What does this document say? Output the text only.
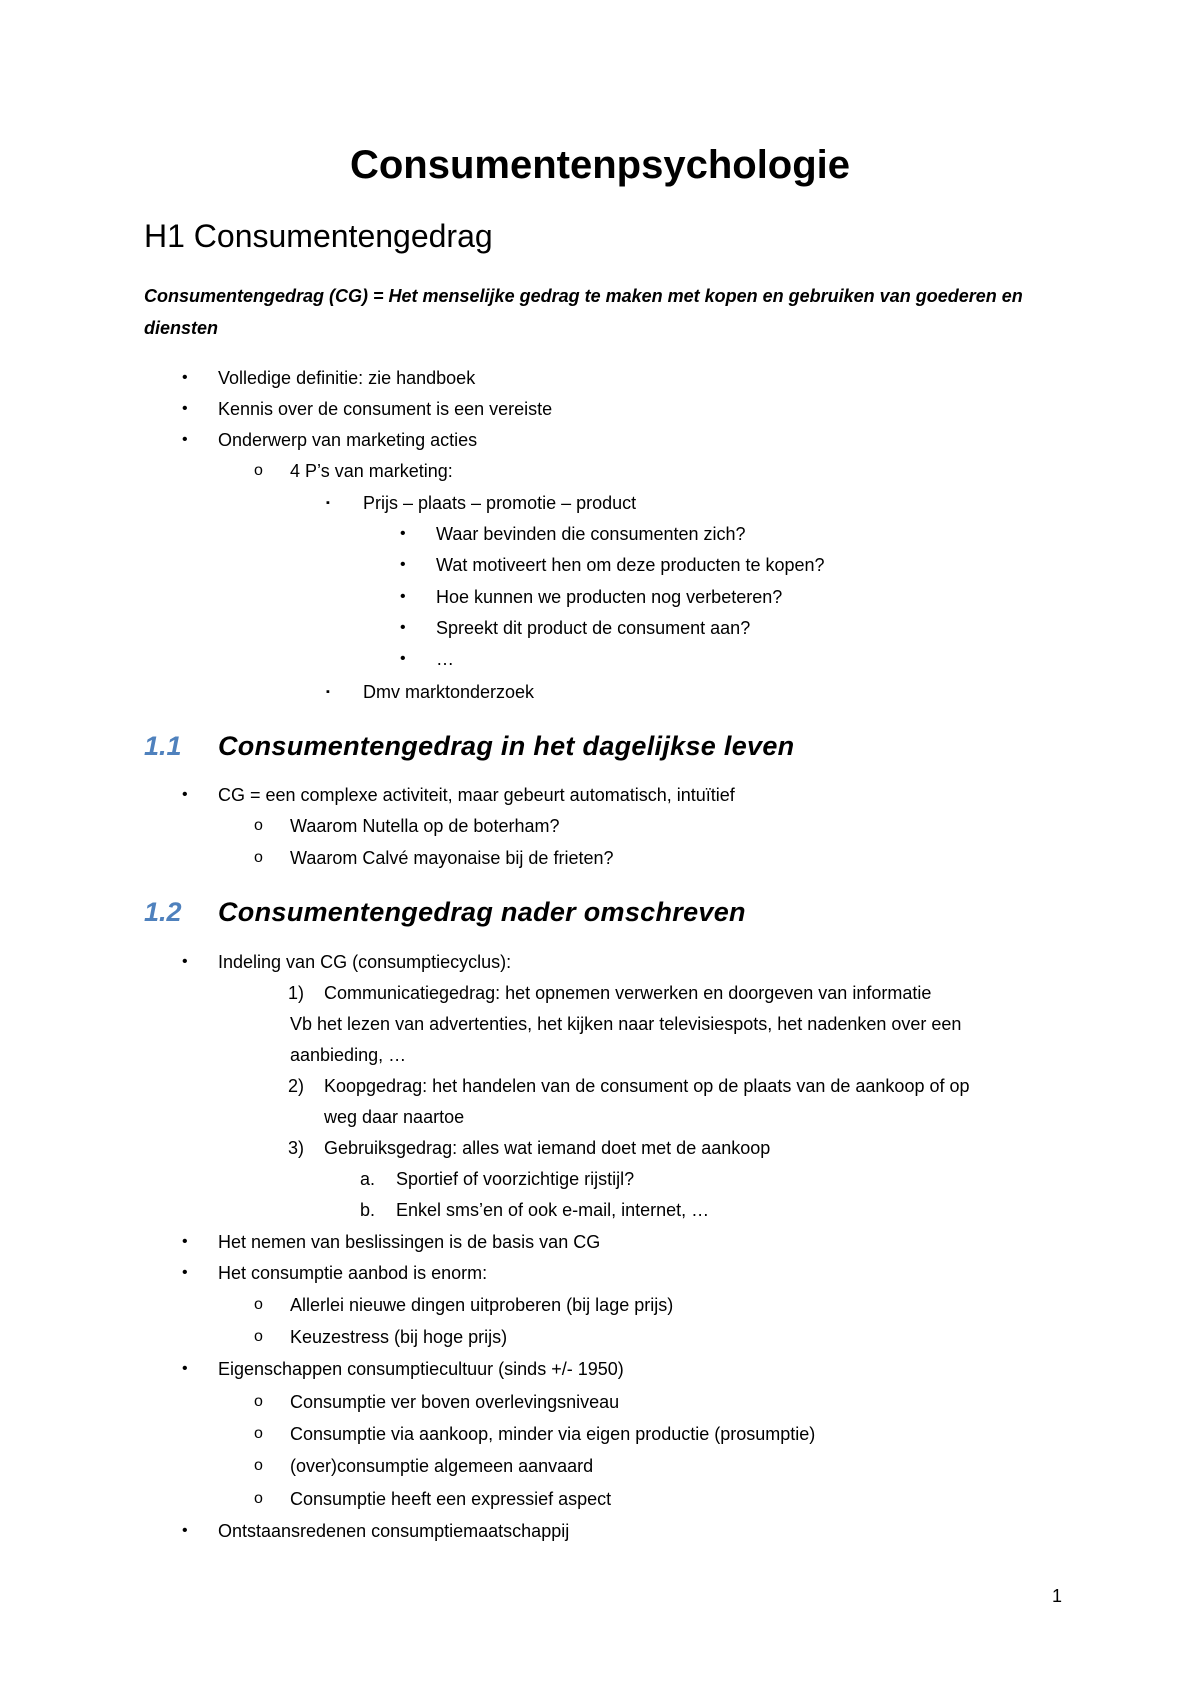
Consumentenpsychologie
H1 Consumentengedrag
Consumentengedrag (CG) = Het menselijke gedrag te maken met kopen en gebruiken van goederen en diensten
• Volledige definitie: zie handboek
• Kennis over de consument is een vereiste
• Onderwerp van marketing acties
o 4 P’s van marketing:
▪ Prijs – plaats – promotie – product
• Waar bevinden die consumenten zich?
• Wat motiveert hen om deze producten te kopen?
• Hoe kunnen we producten nog verbeteren?
• Spreekt dit product de consument aan?
• …
▪ Dmv marktonderzoek
1.1 Consumentengedrag in het dagelijkse leven
• CG = een complexe activiteit, maar gebeurt automatisch, intuïtief
o Waarom Nutella op de boterham?
o Waarom Calvé mayonaise bij de frieten?
1.2 Consumentengedrag nader omschreven
• Indeling van CG (consumptiecyclus):
1) Communicatiegedrag: het opnemen verwerken en doorgeven van informatie
Vb het lezen van advertenties, het kijken naar televisiespots, het nadenken over een
aanbieding, …
2) Koopgedrag: het handelen van de consument op de plaats van de aankoop of op
weg daar naartoe
3) Gebruiksgedrag: alles wat iemand doet met de aankoop
a. Sportief of voorzichtige rijstijl?
b. Enkel sms’en of ook e-mail, internet, …
• Het nemen van beslissingen is de basis van CG
• Het consumptie aanbod is enorm:
o Allerlei nieuwe dingen uitproberen (bij lage prijs)
o Keuzestress (bij hoge prijs)
• Eigenschappen consumptiecultuur (sinds +/- 1950)
o Consumptie ver boven overlevingsniveau
o Consumptie via aankoop, minder via eigen productie (prosumptie)
o (over)consumptie algemeen aanvaard
o Consumptie heeft een expressief aspect
• Ontstaansredenen consumptiemaatschappij
1
